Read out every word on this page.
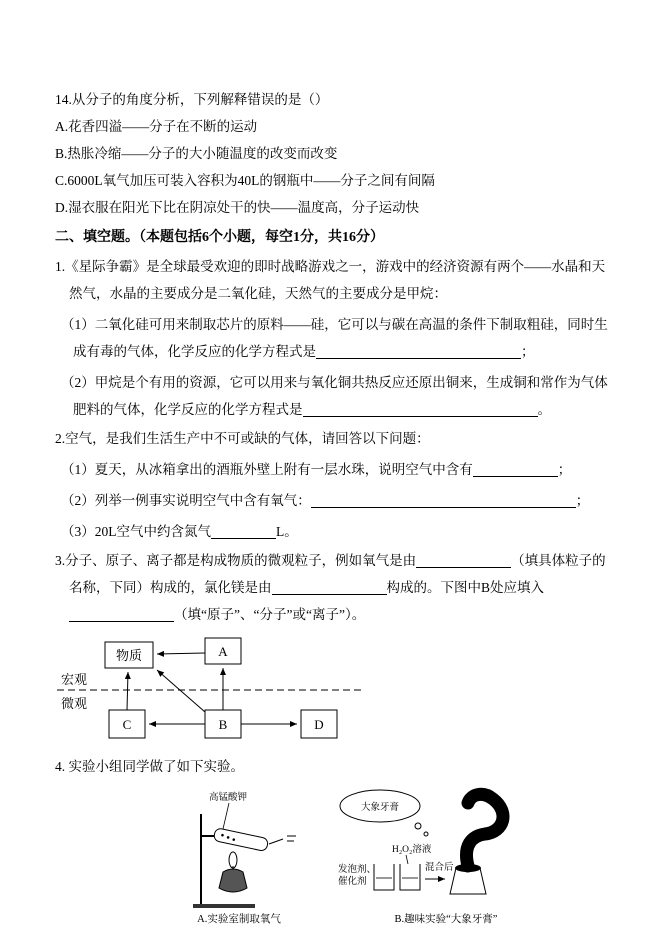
14.从分子的角度分析，下列解释错误的是（）

A.花香四溢——分子在不断的运动

B.热胀冷缩——分子的大小随温度的改变而改变

C.6000L氧气加压可装入容积为40L的钢瓶中——分子之间有间隔

D.湿衣服在阳光下比在阴凉处干的快——温度高，分子运动快

二、填空题。（本题包括6个小题，每空1分，共16分）

1.《星际争霸》是全球最受欢迎的即时战略游戏之一，游戏中的经济资源有两个——水晶和天然气，水晶的主要成分是二氧化硅，天然气的主要成分是甲烷：

（1）二氧化硅可用来制取芯片的原料——硅，它可以与碳在高温的条件下制取粗硅，同时生成有毒的气体，化学反应的化学方程式是	；

（2）甲烷是个有用的资源，它可以用来与氧化铜共热反应还原出铜来，生成铜和常作为气体肥料的气体，化学反应的化学方程式是	。

2.空气，是我们生活生产中不可或缺的气体，请回答以下问题：

（1）夏天，从冰箱拿出的酒瓶外壁上附有一层水珠，说明空气中含有	；

（2）列举一例事实说明空气中含有氧气：	；

（3）20L空气中约含氮气	L。

3.分子、原子、离子都是构成物质的微观粒子，例如氧气是由	（填具体粒子的名称，下同）构成的，氯化镁是由	构成的。下图中B处应填入（填“原子”、“分子”或“离子”）。

宏观
微观
物质	A
C	B	D

4. 实验小组同学做了如下实验。

高锰酸钾
A.实验室制取氧气
大象牙膏
发泡剂、
催化剂
H₂O₂溶液
混合后
B.趣味实验“大象牙膏”
